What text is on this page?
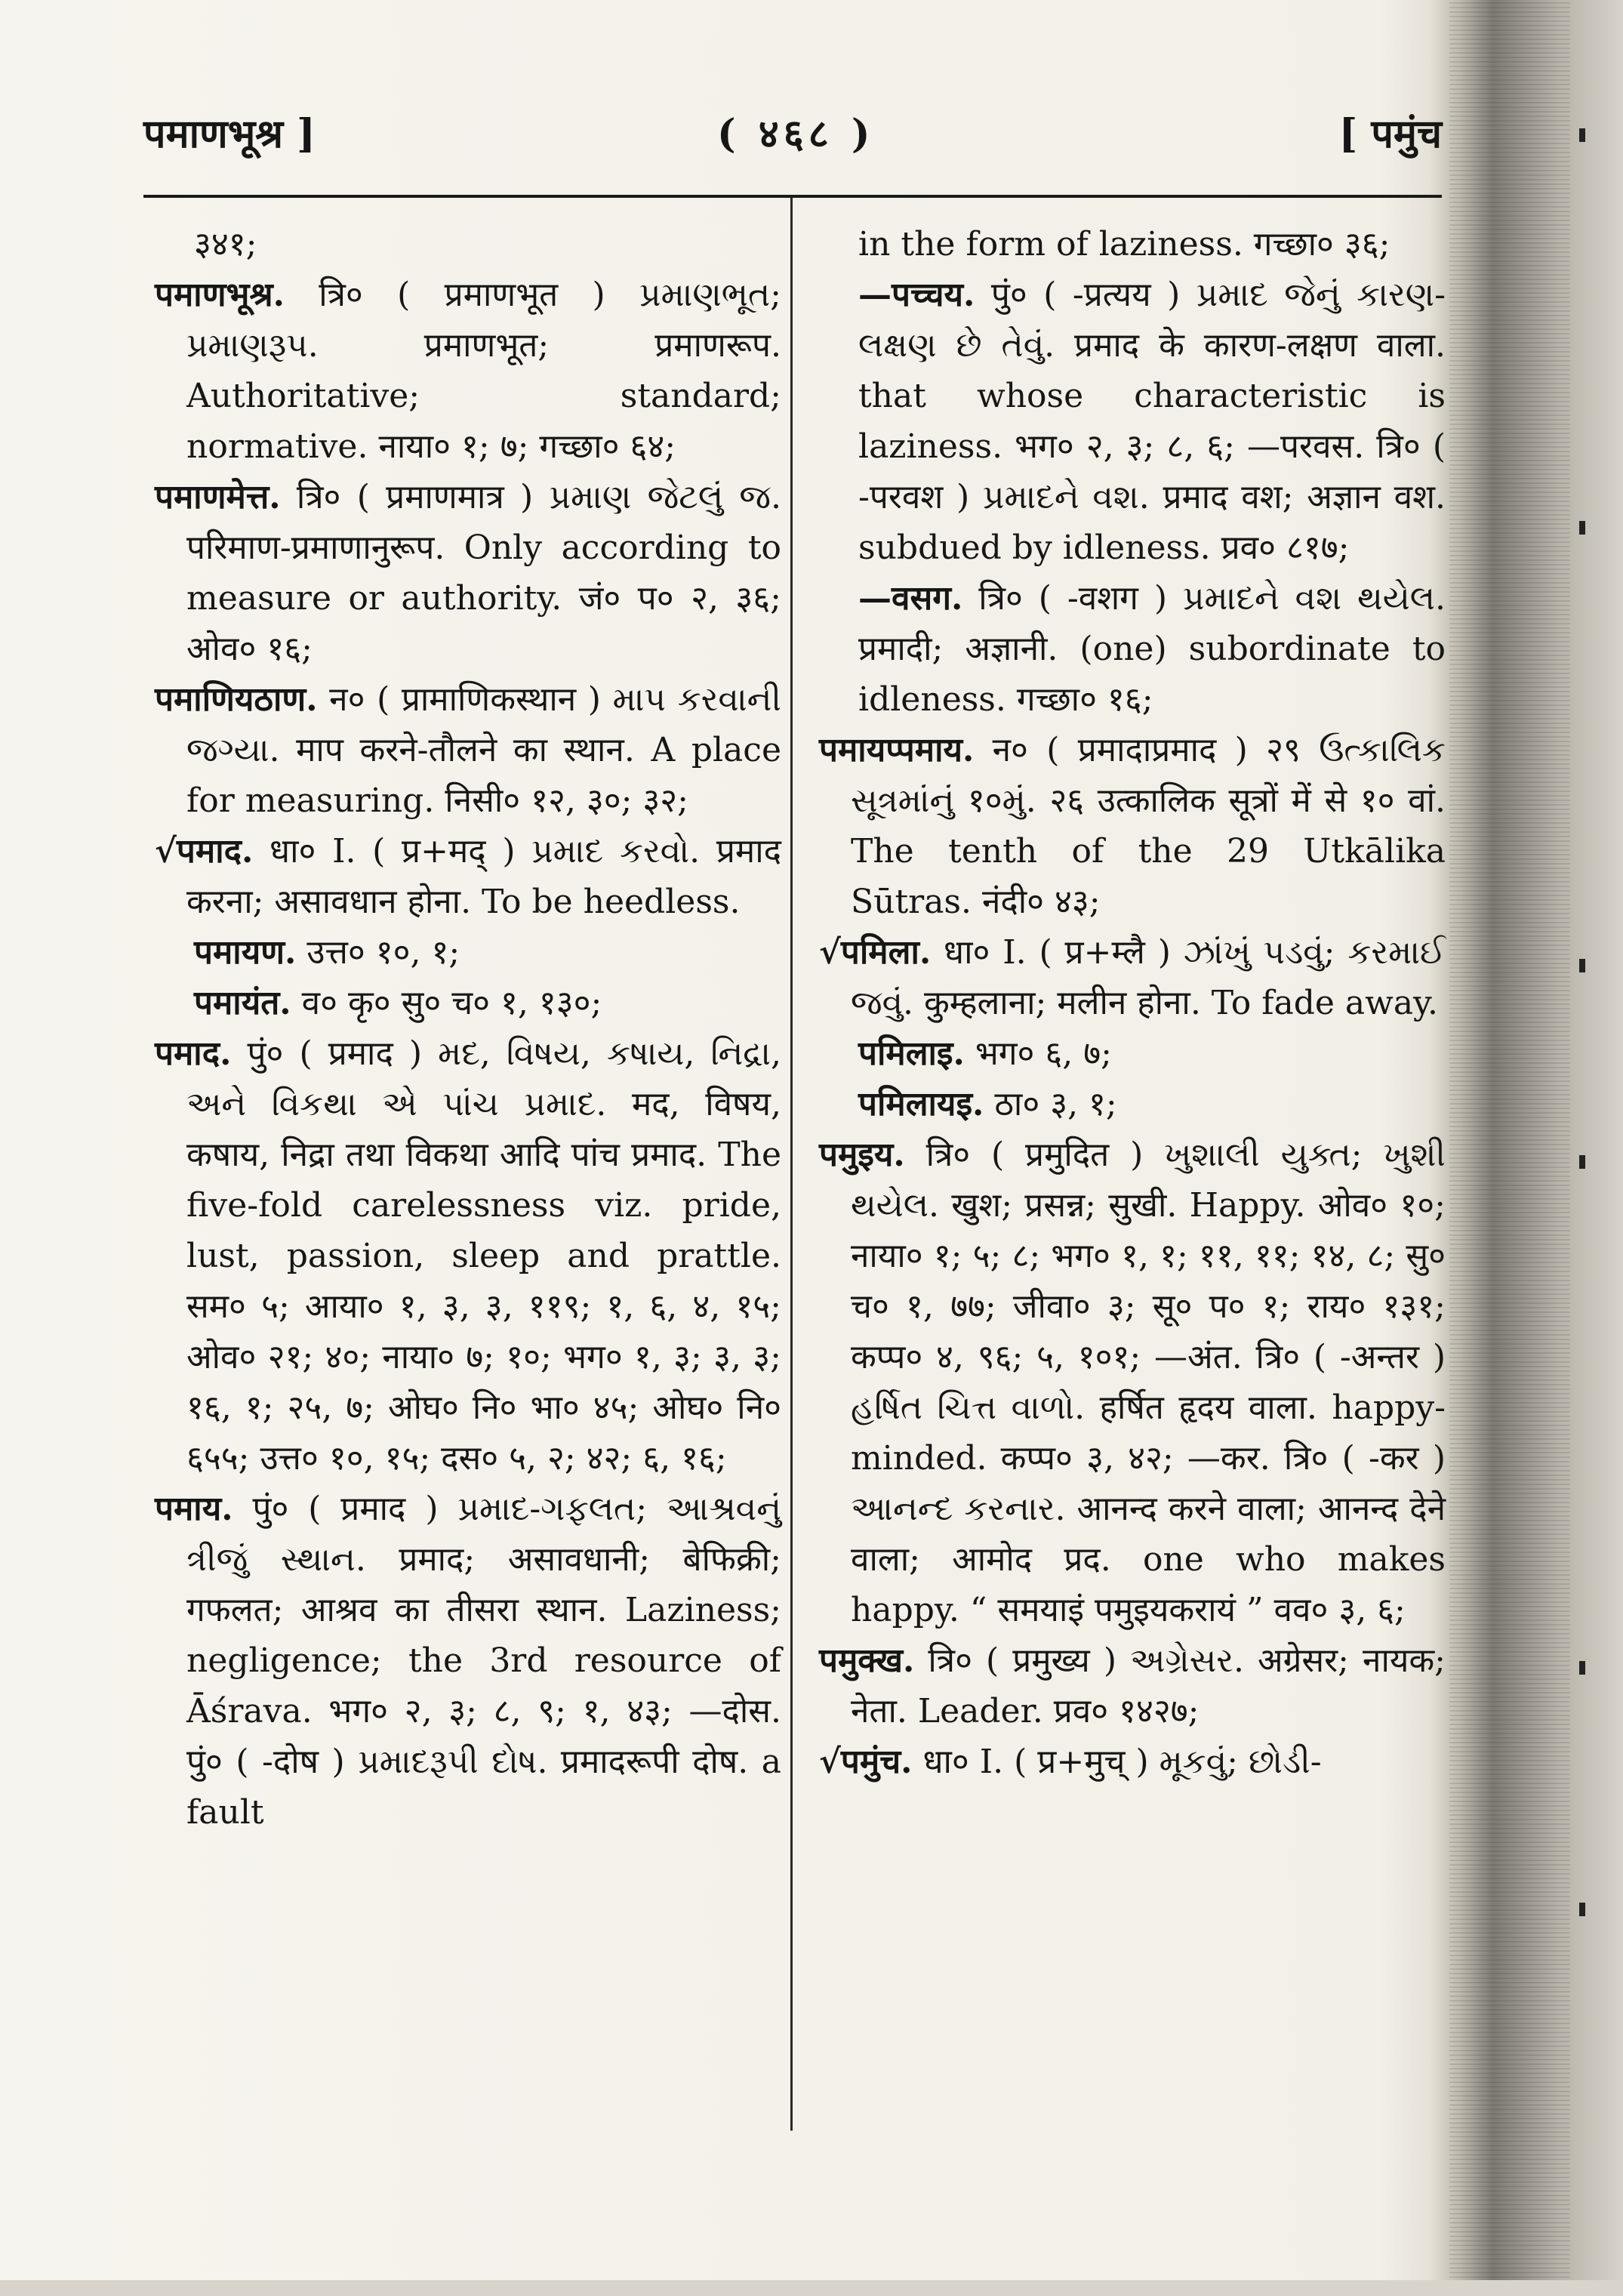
पमाणभूश्र ]	( ४६८ )	[ पमुंच

३४१;

पमाणभूश्र. त्रि० ( प्रमाणभूत ) પ્રમાણભૂત; પ્રમાણરૂપ. प्रमाणभूत; प्रमाणरूप. Authoritative; standard; normative. नाया० १; ७; गच्छा० ६४;

पमाणमेत्त. त्रि० ( प्रमाणमात्र ) પ્રમાણ જેટલું જ. परिमाण-प्रमाणानुरूप. Only according to measure or authority. जं० प० २, ३६; ओव० १६;

पमाणियठाण. न० ( प्रामाणिकस्थान ) માપ કરવાની જગ્યા. माप करने-तौलने का स्थान. A place for measuring. निसी० १२, ३०; ३२;

√पमाद. धा० I. ( प्र+मद् ) પ્રમાદ કરવો. प्रमाद करना; असावधान होना. To be heedless.

पमायण. उत्त० १०, १;

पमायंत. व० कृ० सु० च० १, १३०;

पमाद. पुं० ( प्रमाद ) મદ, વિષય, કષાય, નિદ્રા, અને વિકથા એ પાંચ પ્રમાદ. मद, विषय, कषाय, निद्रा तथा विकथा आदि पांच प्रमाद. The five-fold carelessness viz. pride, lust, passion, sleep and prattle. सम० ५; आया० १, ३, ३, ११९; १, ६, ४, १५; ओव० २१; ४०; नाया० ७; १०; भग० १, ३; ३, ३; १६, १; २५, ७; ओघ० नि० भा० ४५; ओघ० नि० ६५५; उत्त० १०, १५; दस० ५, २; ४२; ६, १६;

पमाय. पुं० ( प्रमाद ) પ્રમાદ-ગફલત; આશ્રવનું ત્રીજું સ્થાન. प्रमाद; असावधानी; बेफिक्री; गफलत; आश्रव का तीसरा स्थान. Laziness; negligence; the 3rd resource of Āśrava. भग० २, ३; ८, ९; १, ४३; —दोस. पुं० ( -दोष ) પ્રમાદરૂપી દોષ. प्रमादरूपी दोष. a fault

in the form of laziness. गच्छा० ३६;

—पच्चय. पुं० ( -प्रत्यय ) પ્રમાદ જેનું કારણ-લક્ષણ છે તેવું. प्रमाद के कारण-लक्षण वाला. that whose characteristic is laziness. भग० २, ३; ८, ६; —परवस. त्रि० ( -परवश ) પ્રમાદને વશ. प्रमाद वश; अज्ञान वश. subdued by idleness. प्रव० ८१७;

—वसग. त्रि० ( -वशग ) પ્રમાદને વશ થયેલ. प्रमादी; अज्ञानी. (one) subordinate to idleness. गच्छा० १६;

पमायप्पमाय. न० ( प्रमादाप्रमाद ) २९ ઉત્કાલિક સૂત્રમાંનું १०મું. २६ उत्कालिक सूत्रों में से १० वां. The tenth of the 29 Utkālika Sūtras. नंदी० ४३;

√पमिला. धा० I. ( प्र+म्लै ) ઝાંખું પડવું; કરમાઈ જવું. कुम्हलाना; मलीन होना. To fade away.

पमिलाइ. भग० ६, ७;

पमिलायइ. ठा० ३, १;

पमुइय. त्रि० ( प्रमुदित ) ખુશાલી યુક્ત; ખુશી થયેલ. खुश; प्रसन्न; सुखी. Happy. ओव० १०; नाया० १; ५; ८; भग० १, १; ११, ११; १४, ८; सु० च० १, ७७; जीवा० ३; सू० प० १; राय० १३१; कप्प० ४, ९६; ५, १०१; —अंत. त्रि० ( -अन्तर ) હર્ષિત ચિત્ત વાળો. हर्षित हृदय वाला. happy-minded. कप्प० ३, ४२; —कर. त्रि० ( -कर ) આનન્દ કરનાર. आनन्द करने वाला; आनन्द देने वाला; आमोद प्रद. one who makes happy. “ समयाइं पमुइयकरायं ” वव० ३, ६;

पमुक्ख. त्रि० ( प्रमुख्य ) અગ્રેસર. अग्रेसर; नायक; नेता. Leader. प्रव० १४२७;

√पमुंच. धा० I. ( प्र+मुच् ) મૂકવું; છોડી-
